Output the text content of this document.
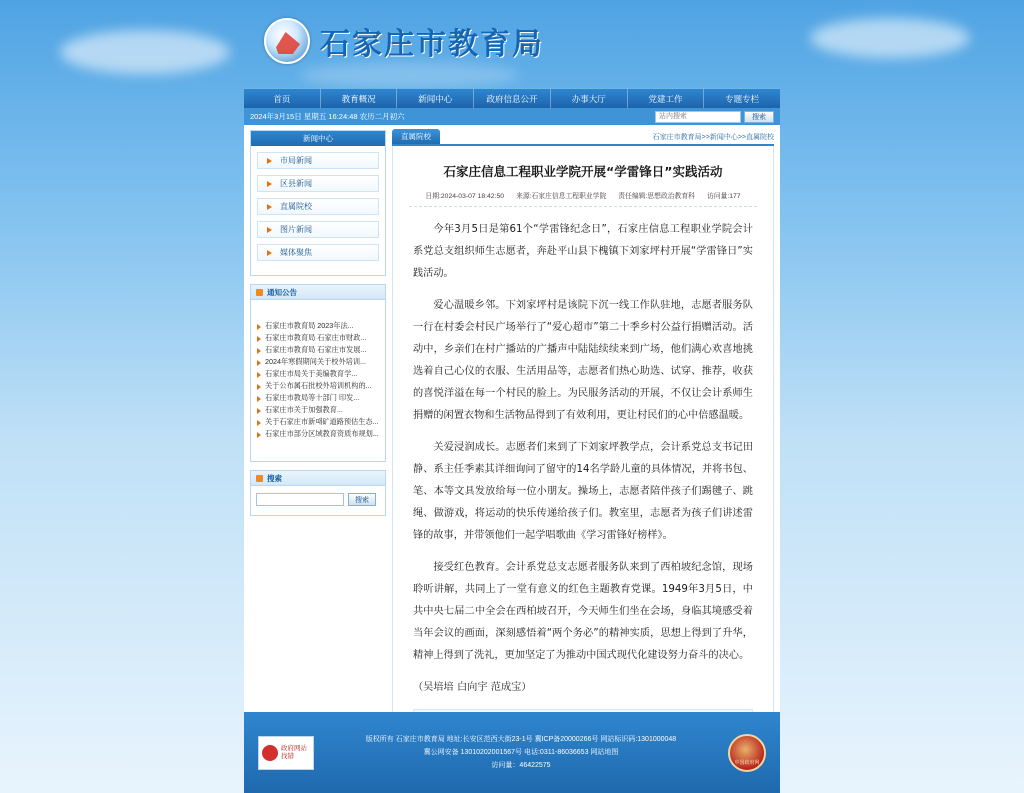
石家庄市教育局
首页	教育概况	新闻中心	政府信息公开	办事大厅	党建工作	专题专栏
2024年3月15日 星期五 16:24:48 农历二月初六
站内搜索	搜索
新闻中心
市局新闻
区县新闻
直属院校
图片新闻
媒体聚焦
通知公告
石家庄市教育局 2023年法...
石家庄市教育局 石家庄市财政...
石家庄市教育局 石家庄市发展...
2024年寒假期间关于校外培训...
石家庄市局关于美编教育学...
关于公布属石批校外培训机构的...
石家庄市教局等十部门 印发...
石家庄市关于加强教育...
关于石家庄市新때矿道路预估生态...
石家庄市部分区域教育资质布规划...
搜索
搜索
直属院校	石家庄市教育局>>新闻中心>>直属院校
石家庄信息工程职业学院开展“学雷锋日”实践活动
日期:2024-03-07 18:42:50 来源:石家庄信息工程职业学院 责任编辑:思想政治教育科 访问量:177

今年3月5日是第61个“学雷锋纪念日”，石家庄信息工程职业学院会计系党总支组织师生志愿者，奔赴平山县下槐镇下刘家坪村开展“学雷锋日”实践活动。

爱心温暖乡邻。下刘家坪村是该院下沉一线工作队驻地，志愿者服务队一行在村委会村民广场举行了“爱心超市”第二十季乡村公益行捐赠活动。活动中，乡亲们在村广播站的广播声中陆陆续续来到广场，他们满心欢喜地挑选着自己心仪的衣服、生活用品等，志愿者们热心助选、试穿、推荐，收获的喜悦洋溢在每一个村民的脸上。为民服务活动的开展，不仅让会计系师生捐赠的闲置衣物和生活物品得到了有效利用，更让村民们的心中倍感温暖。

关爱浸润成长。志愿者们来到了下刘家坪教学点，会计系党总支书记田静、系主任季素其详细询问了留守的14名学龄儿童的具体情况，并将书包、笔、本等文具发放给每一位小朋友。操场上，志愿者陪伴孩子们踢毽子、跳绳、做游戏，将运动的快乐传递给孩子们。教室里，志愿者为孩子们讲述雷锋的故事，并带领他们一起学唱歌曲《学习雷锋好榜样》。

接受红色教育。会计系党总支志愿者服务队来到了西柏坡纪念馆，现场聆听讲解，共同上了一堂有意义的红色主题教育党课。1949年3月5日，中共中央七届二中全会在西柏坡召开，今天师生们坐在会场，身临其境感受着当年会议的画面，深刻感悟着“两个务必”的精神实质，思想上得到了升华，精神上得到了洗礼，更加坚定了为推动中国式现代化建设努力奋斗的决心。

（吴培培 白向宇 范成宝）

政府网站
找错
版权所有 石家庄市教育局 地址:长安区范西大街23-1号 冀ICP备20000266号 网站标识码:1301000048
冀公网安备 13010202001567号 电话:0311-86036653 网站地图
访问量：46422575	中国政府网
